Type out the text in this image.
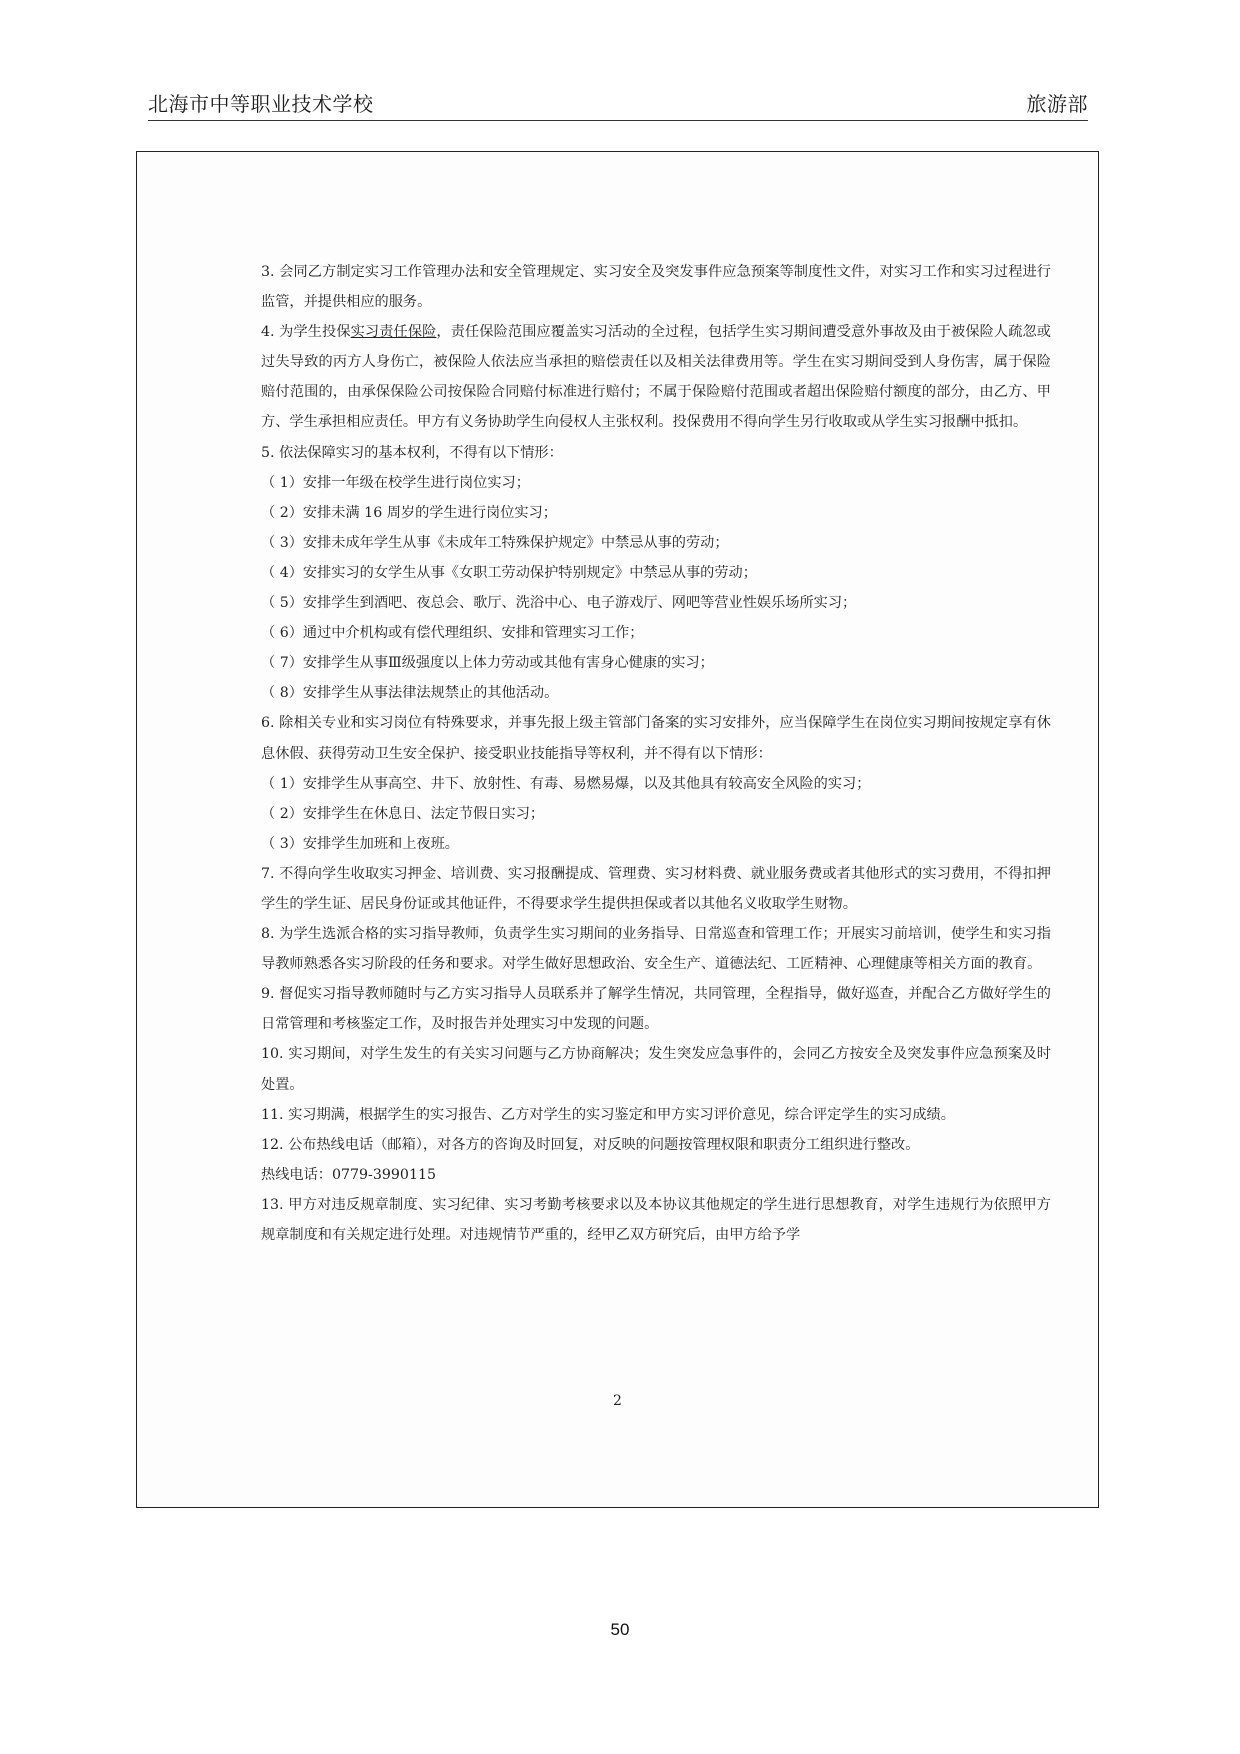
北海市中等职业技术学校	旅游部

3. 会同乙方制定实习工作管理办法和安全管理规定、实习安全及突发事件应急预案等制度性文件，对实习工作和实习过程进行监管，并提供相应的服务。

4. 为学生投保实习责任保险，责任保险范围应覆盖实习活动的全过程，包括学生实习期间遭受意外事故及由于被保险人疏忽或过失导致的丙方人身伤亡，被保险人依法应当承担的赔偿责任以及相关法律费用等。学生在实习期间受到人身伤害，属于保险赔付范围的，由承保保险公司按保险合同赔付标准进行赔付；不属于保险赔付范围或者超出保险赔付额度的部分，由乙方、甲方、学生承担相应责任。甲方有义务协助学生向侵权人主张权利。投保费用不得向学生另行收取或从学生实习报酬中抵扣。

5. 依法保障实习的基本权利，不得有以下情形：

（ 1）安排一年级在校学生进行岗位实习；

（ 2）安排未满 16 周岁的学生进行岗位实习；

（ 3）安排未成年学生从事《未成年工特殊保护规定》中禁忌从事的劳动；

（ 4）安排实习的女学生从事《女职工劳动保护特别规定》中禁忌从事的劳动；

（ 5）安排学生到酒吧、夜总会、歌厅、洗浴中心、电子游戏厅、网吧等营业性娱乐场所实习；

（ 6）通过中介机构或有偿代理组织、安排和管理实习工作；

（ 7）安排学生从事Ⅲ级强度以上体力劳动或其他有害身心健康的实习；

（ 8）安排学生从事法律法规禁止的其他活动。

6. 除相关专业和实习岗位有特殊要求，并事先报上级主管部门备案的实习安排外，应当保障学生在岗位实习期间按规定享有休息休假、获得劳动卫生安全保护、接受职业技能指导等权利，并不得有以下情形：

（ 1）安排学生从事高空、井下、放射性、有毒、易燃易爆，以及其他具有较高安全风险的实习；

（ 2）安排学生在休息日、法定节假日实习；

（ 3）安排学生加班和上夜班。

7. 不得向学生收取实习押金、培训费、实习报酬提成、管理费、实习材料费、就业服务费或者其他形式的实习费用，不得扣押学生的学生证、居民身份证或其他证件，不得要求学生提供担保或者以其他名义收取学生财物。

8. 为学生选派合格的实习指导教师，负责学生实习期间的业务指导、日常巡查和管理工作；开展实习前培训，使学生和实习指导教师熟悉各实习阶段的任务和要求。对学生做好思想政治、安全生产、道德法纪、工匠精神、心理健康等相关方面的教育。

9. 督促实习指导教师随时与乙方实习指导人员联系并了解学生情况，共同管理，全程指导，做好巡查，并配合乙方做好学生的日常管理和考核鉴定工作，及时报告并处理实习中发现的问题。

10. 实习期间，对学生发生的有关实习问题与乙方协商解决；发生突发应急事件的，会同乙方按安全及突发事件应急预案及时处置。

11. 实习期满，根据学生的实习报告、乙方对学生的实习鉴定和甲方实习评价意见，综合评定学生的实习成绩。

12. 公布热线电话（邮箱），对各方的咨询及时回复，对反映的问题按管理权限和职责分工组织进行整改。

热线电话：0779-3990115

13. 甲方对违反规章制度、实习纪律、实习考勤考核要求以及本协议其他规定的学生进行思想教育，对学生违规行为依照甲方规章制度和有关规定进行处理。对违规情节严重的，经甲乙双方研究后，由甲方给予学

2
50
